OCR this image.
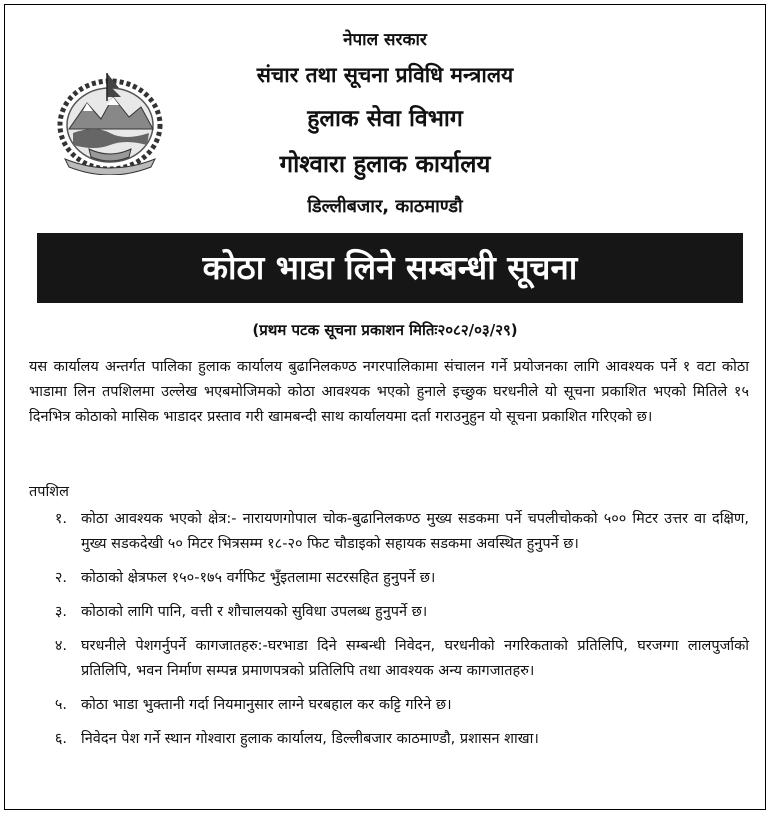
नेपाल सरकार
संचार तथा सूचना प्रविधि मन्त्रालय
हुलाक सेवा विभाग
गोश्वारा हुलाक कार्यालय
डिल्लीबजार, काठमाण्डौ
कोठा भाडा लिने सम्बन्धी सूचना
(प्रथम पटक सूचना प्रकाशन मितिः२०८२/०३/२९)

यस कार्यालय अन्तर्गत पालिका हुलाक कार्यालय बुढानिलकण्ठ नगरपालिकामा संचालन गर्ने प्रयोजनका लागि आवश्यक पर्ने १ वटा कोठा भाडामा लिन तपशिलमा उल्लेख भएबमोजिमको कोठा आवश्यक भएको हुनाले इच्छुक घरधनीले यो सूचना प्रकाशित भएको मितिले १५ दिनभित्र कोठाको मासिक भाडादर प्रस्ताव गरी खामबन्दी साथ कार्यालयमा दर्ता गराउनुहुन यो सूचना प्रकाशित गरिएको छ।

तपशिल
१. कोठा आवश्यक भएको क्षेत्र:- नारायणगोपाल चोक-बुढानिलकण्ठ मुख्य सडकमा पर्ने चपलीचोकको ५०० मिटर उत्तर वा दक्षिण, मुख्य सडकदेखी ५० मिटर भित्रसम्म १८-२० फिट चौडाइको सहायक सडकमा अवस्थित हुनुपर्ने छ।
२. कोठाको क्षेत्रफल १५०-१७५ वर्गफिट भुँइतलामा सटरसहित हुनुपर्ने छ।
३. कोठाको लागि पानि, वत्ती र शौचालयको सुविधा उपलब्ध हुनुपर्ने छ।
४. घरधनीले पेशगर्नुपर्ने कागजातहरु:-घरभाडा दिने सम्बन्धी निवेदन, घरधनीको नगरिकताको प्रतिलिपि, घरजग्गा लालपुर्जाको प्रतिलिपि, भवन निर्माण सम्पन्न प्रमाणपत्रको प्रतिलिपि तथा आवश्यक अन्य कागजातहरु।
५. कोठा भाडा भुक्तानी गर्दा नियमानुसार लाग्ने घरबहाल कर कट्टि गरिने छ।
६. निवेदन पेश गर्ने स्थान गोश्वारा हुलाक कार्यालय, डिल्लीबजार काठमाण्डौ, प्रशासन शाखा।
